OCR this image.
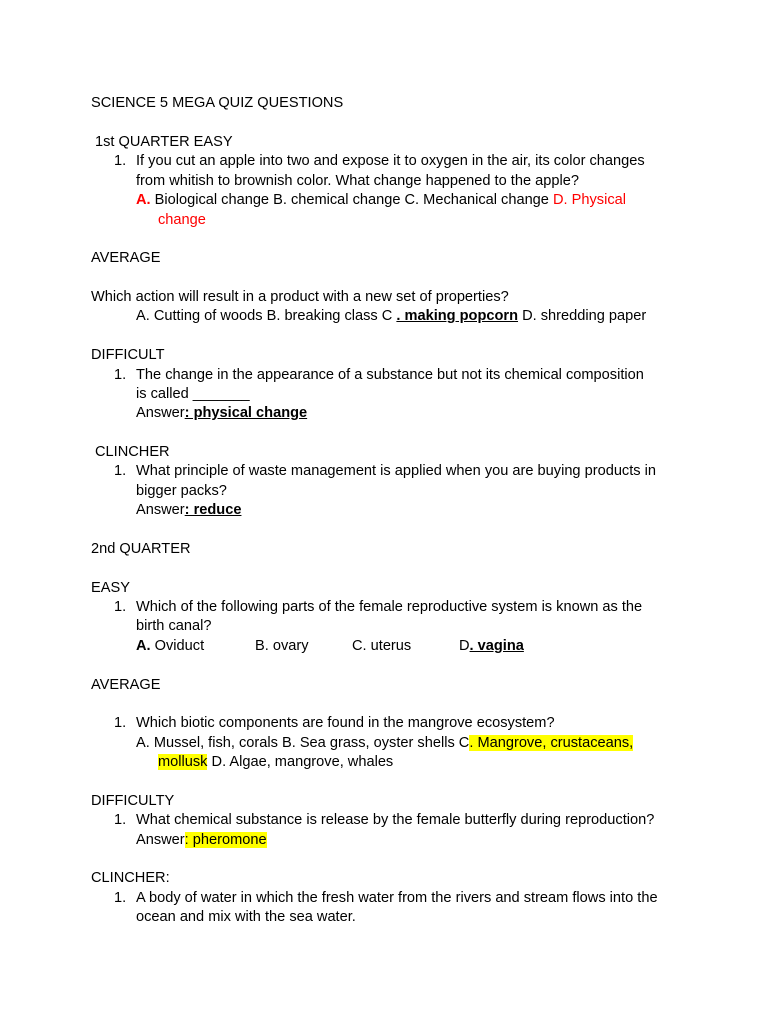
SCIENCE 5 MEGA QUIZ QUESTIONS
1st QUARTER EASY
1. If you cut an apple into two and expose it to oxygen in the air, its color changes
from whitish to brownish color. What change happened to the apple?
A. Biological change B. chemical change C. Mechanical change D. Physical
change
AVERAGE
Which action will result in a product with a new set of properties?
A. Cutting of woods B. breaking class C . making popcorn D. shredding paper
DIFFICULT
1. The change in the appearance of a substance but not its chemical composition
is called _______
Answer: physical change
CLINCHER
1. What principle of waste management is applied when you are buying products in
bigger packs?
Answer: reduce
2nd QUARTER
EASY
1. Which of the following parts of the female reproductive system is known as the
birth canal?
A. Oviduct	B. ovary	C. uterus	D. vagina
AVERAGE
1. Which biotic components are found in the mangrove ecosystem?
A. Mussel, fish, corals B. Sea grass, oyster shells C. Mangrove, crustaceans,
mollusk D. Algae, mangrove, whales
DIFFICULTY
1. What chemical substance is release by the female butterfly during reproduction?
Answer: pheromone
CLINCHER:
1. A body of water in which the fresh water from the rivers and stream flows into the
ocean and mix with the sea water.
